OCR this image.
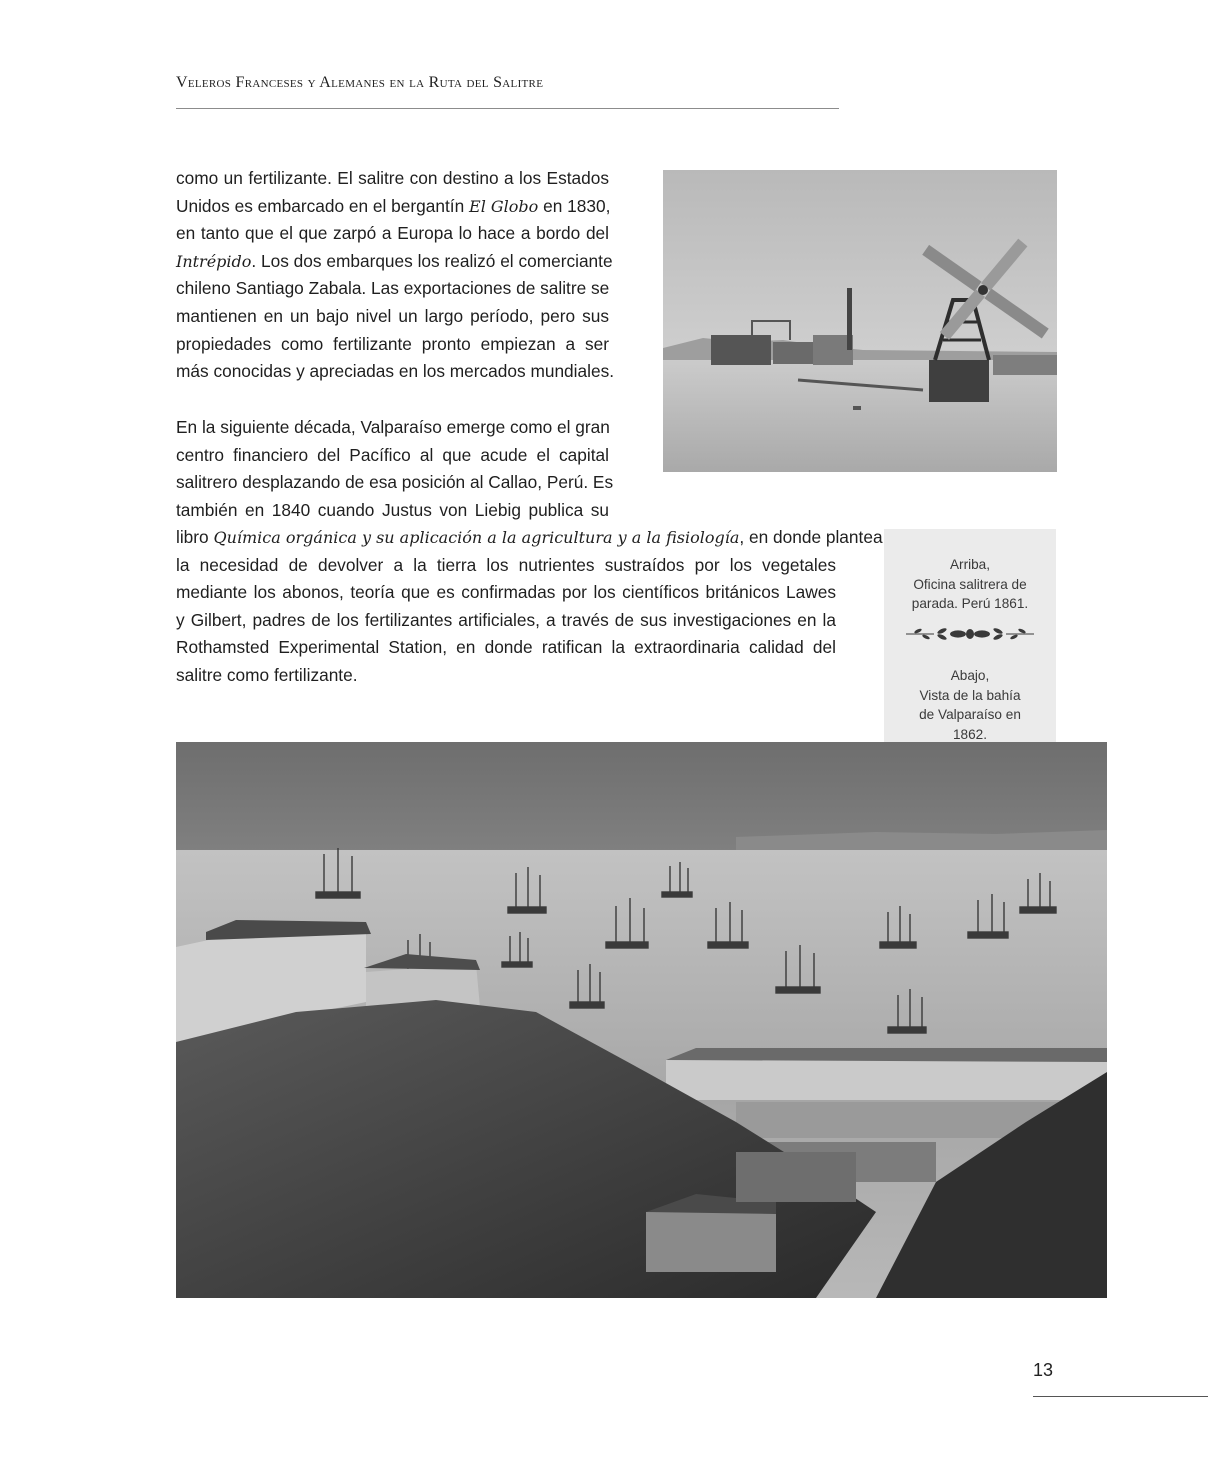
Veleros Franceses y Alemanes en la Ruta del Salitre

como un fertilizante. El salitre con destino a los Estados
Unidos es embarcado en el bergantín El Globo en 1830,
en tanto que el que zarpó a Europa lo hace a bordo del
Intrépido. Los dos embarques los realizó el comerciante
chileno Santiago Zabala. Las exportaciones de salitre se
mantienen en un bajo nivel un largo período, pero sus
propiedades como fertilizante pronto empiezan a ser
más conocidas y apreciadas en los mercados mundiales.

En la siguiente década, Valparaíso emerge como el gran
centro financiero del Pacífico al que acude el capital
salitrero desplazando de esa posición al Callao, Perú. Es
también en 1840 cuando Justus von Liebig publica su

libro Química orgánica y su aplicación a la agricultura y a la fisiología, en donde plantea
la necesidad de devolver a la tierra los nutrientes sustraídos por los vegetales
mediante los abonos, teoría que es confirmadas por los científicos británicos Lawes
y Gilbert, padres de los fertilizantes artificiales, a través de sus investigaciones en la
Rothamsted Experimental Station, en donde ratifican la extraordinaria calidad del
salitre como fertilizante.

Arriba,
Oficina salitrera de
parada. Perú 1861.
Abajo,
Vista de la bahía
de Valparaíso en
1862.
13
